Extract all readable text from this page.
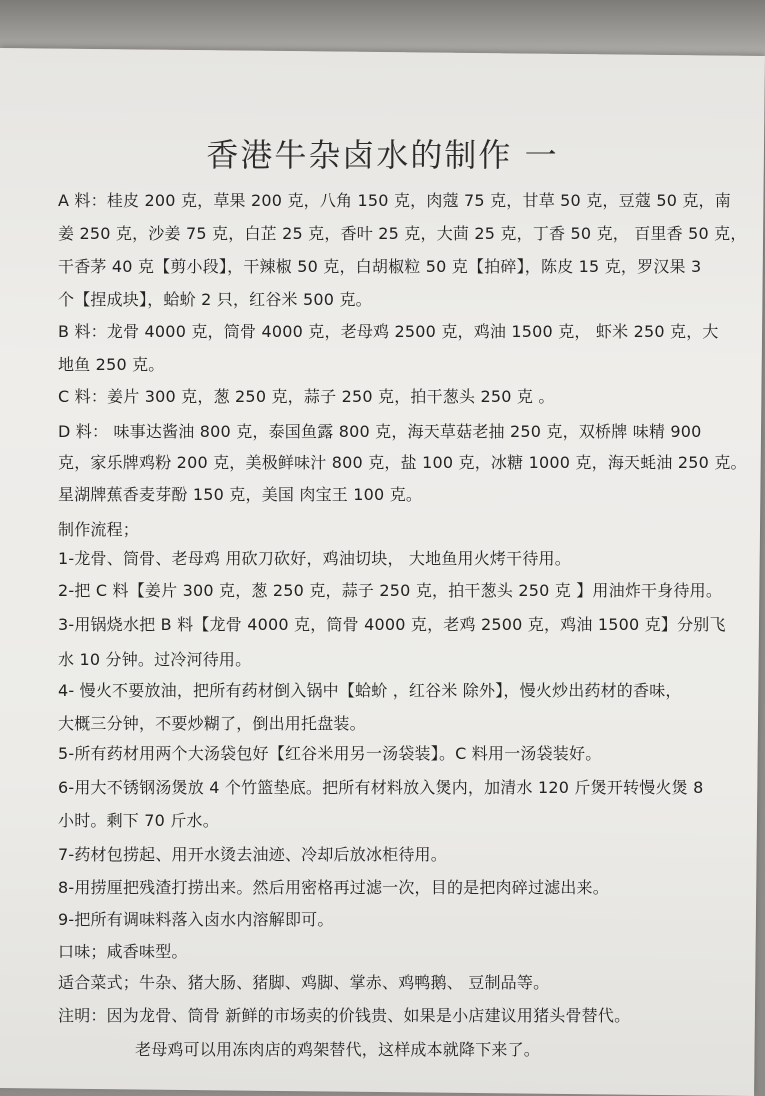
香港牛杂卤水的制作 一
A 料：桂皮 200 克，草果 200 克，八角 150 克，肉蔻 75 克，甘草 50 克，豆蔻 50 克，南
姜 250 克，沙姜 75 克，白芷 25 克，香叶 25 克，大茴 25 克，丁香 50 克， 百里香 50 克，
干香茅 40 克【剪小段】，干辣椒 50 克，白胡椒粒 50 克【拍碎】，陈皮 15 克，罗汉果 3
个【捏成块】，蛤蚧 2 只，红谷米 500 克。
B 料：龙骨 4000 克，筒骨 4000 克，老母鸡 2500 克，鸡油 1500 克， 虾米 250 克，大
地鱼 250 克。
C 料：姜片 300 克，葱 250 克，蒜子 250 克，拍干葱头 250 克 。
D 料： 味事达酱油 800 克，泰国鱼露 800 克，海天草菇老抽 250 克，双桥牌 味精 900
克，家乐牌鸡粉 200 克，美极鲜味汁 800 克，盐 100 克，冰糖 1000 克，海天蚝油 250 克。
星湖牌蕉香麦芽酚 150 克，美国 肉宝王 100 克。
制作流程；
1-龙骨、筒骨、老母鸡 用砍刀砍好，鸡油切块， 大地鱼用火烤干待用。
2-把 C 料【姜片 300 克，葱 250 克，蒜子 250 克，拍干葱头 250 克 】用油炸干身待用。
3-用锅烧水把 B 料【龙骨 4000 克，筒骨 4000 克，老鸡 2500 克，鸡油 1500 克】分别飞
水 10 分钟。过冷河待用。
4- 慢火不要放油，把所有药材倒入锅中【蛤蚧 ，红谷米 除外】，慢火炒出药材的香味，
大概三分钟，不要炒糊了，倒出用托盘装。
5-所有药材用两个大汤袋包好【红谷米用另一汤袋装】。C 料用一汤袋装好。
6-用大不锈钢汤煲放 4 个竹篮垫底。把所有材料放入煲内，加清水 120 斤煲开转慢火煲 8
小时。剩下 70 斤水。
7-药材包捞起、用开水烫去油迹、冷却后放冰柜待用。
8-用捞厘把残渣打捞出来。然后用密格再过滤一次，目的是把肉碎过滤出来。
9-把所有调味料落入卤水内溶解即可。
口味；咸香味型。
适合菜式；牛杂、猪大肠、猪脚、鸡脚、掌赤、鸡鸭鹅、 豆制品等。
注明：因为龙骨、筒骨 新鲜的市场卖的价钱贵、如果是小店建议用猪头骨替代。
老母鸡可以用冻肉店的鸡架替代，这样成本就降下来了。
